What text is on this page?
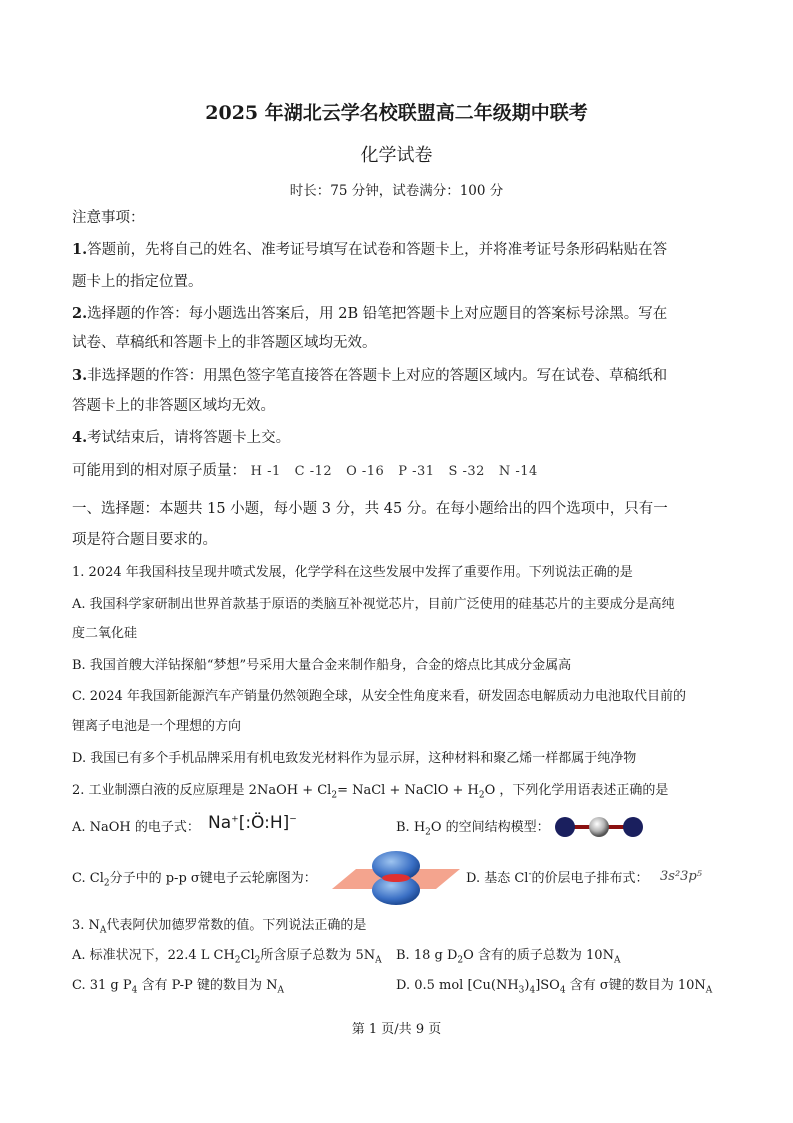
2025 年湖北云学名校联盟高二年级期中联考
化学试卷
时长：75 分钟，试卷满分：100 分
注意事项：
1.答题前，先将自己的姓名、准考证号填写在试卷和答题卡上，并将准考证号条形码粘贴在答
题卡上的指定位置。
2.选择题的作答：每小题选出答案后，用 2B 铅笔把答题卡上对应题目的答案标号涂黑。写在
试卷、草稿纸和答题卡上的非答题区域均无效。
3.非选择题的作答：用黑色签字笔直接答在答题卡上对应的答题区域内。写在试卷、草稿纸和
答题卡上的非答题区域均无效。
4.考试结束后，请将答题卡上交。
可能用到的相对原子质量： H -1 C -12 O -16 P -31 S -32 N -14
一、选择题：本题共 15 小题，每小题 3 分，共 45 分。在每小题给出的四个选项中，只有一
项是符合题目要求的。
1. 2024 年我国科技呈现井喷式发展，化学学科在这些发展中发挥了重要作用。下列说法正确的是
A. 我国科学家研制出世界首款基于原语的类脑互补视觉芯片，目前广泛使用的硅基芯片的主要成分是高纯
度二氧化硅
B. 我国首艘大洋钻探船“梦想”号采用大量合金来制作船身，合金的熔点比其成分金属高
C. 2024 年我国新能源汽车产销量仍然领跑全球，从安全性角度来看，研发固态电解质动力电池取代目前的
锂离子电池是一个理想的方向
D. 我国已有多个手机品牌采用有机电致发光材料作为显示屏，这种材料和聚乙烯一样都属于纯净物
2. 工业制漂白液的反应原理是 2NaOH + $Cl_2=$ NaCl + NaClO + $H_2O$ ，下列化学用语表述正确的是
A. NaOH 的电子式： Na+[:Ö:H]−
B. $H_2O$ 的空间结构模型：
C. $Cl_2$分子中的 p-p σ键电子云轮廓图为：	D. 基态 Cl-的价层电子排布式： 3s²3p⁵
3. $N_A$代表阿伏加德罗常数的值。下列说法正确的是
A. 标准状况下，22.4 L $CH_2Cl_2$所含原子总数为 $5N_A$ B. 18 g $D_2O$ 含有的质子总数为 $10N_A$
C. 31 g $P_4$ 含有 P-P 键的数目为 $N_A$	D. 0.5 mol $[Cu(NH_3)_4]SO_4$ 含有 σ键的数目为 $10N_A$
第 1 页/共 9 页
